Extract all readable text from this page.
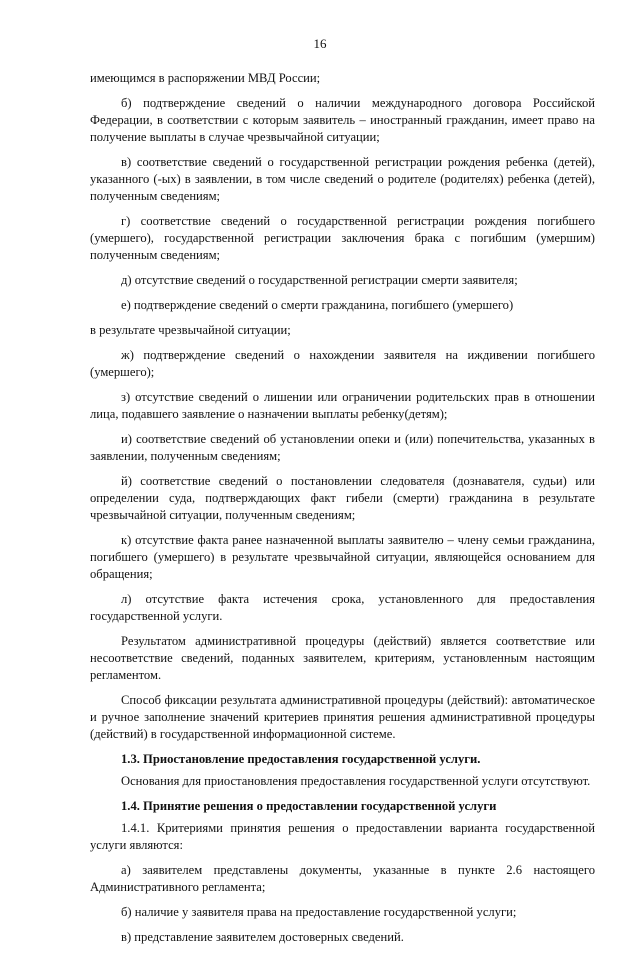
16

имеющимся в распоряжении МВД России;

б) подтверждение сведений о наличии международного договора Российской Федерации, в соответствии с которым заявитель – иностранный гражданин, имеет право на получение выплаты в случае чрезвычайной ситуации;

в) соответствие сведений о государственной регистрации рождения ребенка (детей), указанного (-ых) в заявлении, в том числе сведений о родителе (родителях) ребенка (детей), полученным сведениям;

г) соответствие сведений о государственной регистрации рождения погибшего (умершего), государственной регистрации заключения брака с погибшим (умершим) полученным сведениям;

д) отсутствие сведений о государственной регистрации смерти заявителя;

е) подтверждение сведений о смерти гражданина, погибшего (умершего)

в результате чрезвычайной ситуации;

ж) подтверждение сведений о нахождении заявителя на иждивении погибшего (умершего);

з) отсутствие сведений о лишении или ограничении родительских прав в отношении лица, подавшего заявление о назначении выплаты ребенку(детям);

и) соответствие сведений об установлении опеки и (или) попечительства, указанных в заявлении, полученным сведениям;

й) соответствие сведений о постановлении следователя (дознавателя, судьи) или определении суда, подтверждающих факт гибели (смерти) гражданина в результате чрезвычайной ситуации, полученным сведениям;

к) отсутствие факта ранее назначенной выплаты заявителю – члену семьи гражданина, погибшего (умершего) в результате чрезвычайной ситуации, являющейся основанием для обращения;

л) отсутствие факта истечения срока, установленного для предоставления государственной услуги.

Результатом административной процедуры (действий) является соответствие или несоответствие сведений, поданных заявителем, критериям, установленным настоящим регламентом.

Способ фиксации результата административной процедуры (действий): автоматическое и ручное заполнение значений критериев принятия решения административной процедуры (действий) в государственной информационной системе.

1.3. Приостановление предоставления государственной услуги.

Основания для приостановления предоставления государственной услуги отсутствуют.

1.4. Принятие решения о предоставлении государственной услуги

1.4.1. Критериями принятия решения о предоставлении варианта государственной услуги являются:

а) заявителем представлены документы, указанные в пункте 2.6 настоящего Административного регламента;

б) наличие у заявителя права на предоставление государственной услуги;

в) представление заявителем достоверных сведений.
